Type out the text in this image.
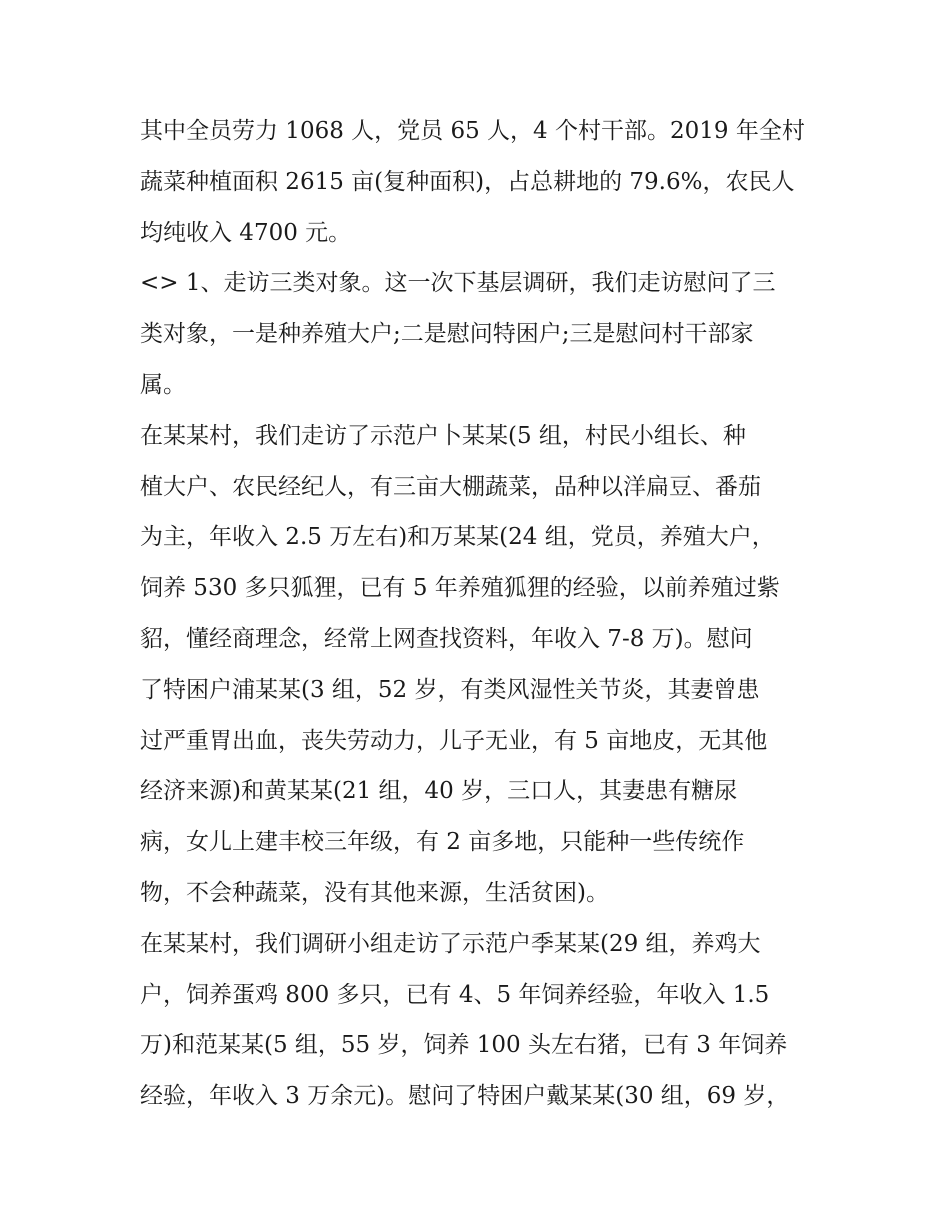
其中全员劳力 1068 人，党员 65 人，4 个村干部。2019 年全村
蔬菜种植面积 2615 亩(复种面积)，占总耕地的 79.6%，农民人
均纯收入 4700 元。
<> 1、走访三类对象。这一次下基层调研，我们走访慰问了三
类对象，一是种养殖大户;二是慰问特困户;三是慰问村干部家
属。
在某某村，我们走访了示范户卜某某(5 组，村民小组长、种
植大户、农民经纪人，有三亩大棚蔬菜，品种以洋扁豆、番茄
为主，年收入 2.5 万左右)和万某某(24 组，党员，养殖大户，
饲养 530 多只狐狸，已有 5 年养殖狐狸的经验，以前养殖过紫
貂，懂经商理念，经常上网查找资料，年收入 7-8 万)。慰问
了特困户浦某某(3 组，52 岁，有类风湿性关节炎，其妻曾患
过严重胃出血，丧失劳动力，儿子无业，有 5 亩地皮，无其他
经济来源)和黄某某(21 组，40 岁，三口人，其妻患有糖尿
病，女儿上建丰校三年级，有 2 亩多地，只能种一些传统作
物，不会种蔬菜，没有其他来源，生活贫困)。
在某某村，我们调研小组走访了示范户季某某(29 组，养鸡大
户，饲养蛋鸡 800 多只，已有 4、5 年饲养经验，年收入 1.5
万)和范某某(5 组，55 岁，饲养 100 头左右猪，已有 3 年饲养
经验，年收入 3 万余元)。慰问了特困户戴某某(30 组，69 岁，
